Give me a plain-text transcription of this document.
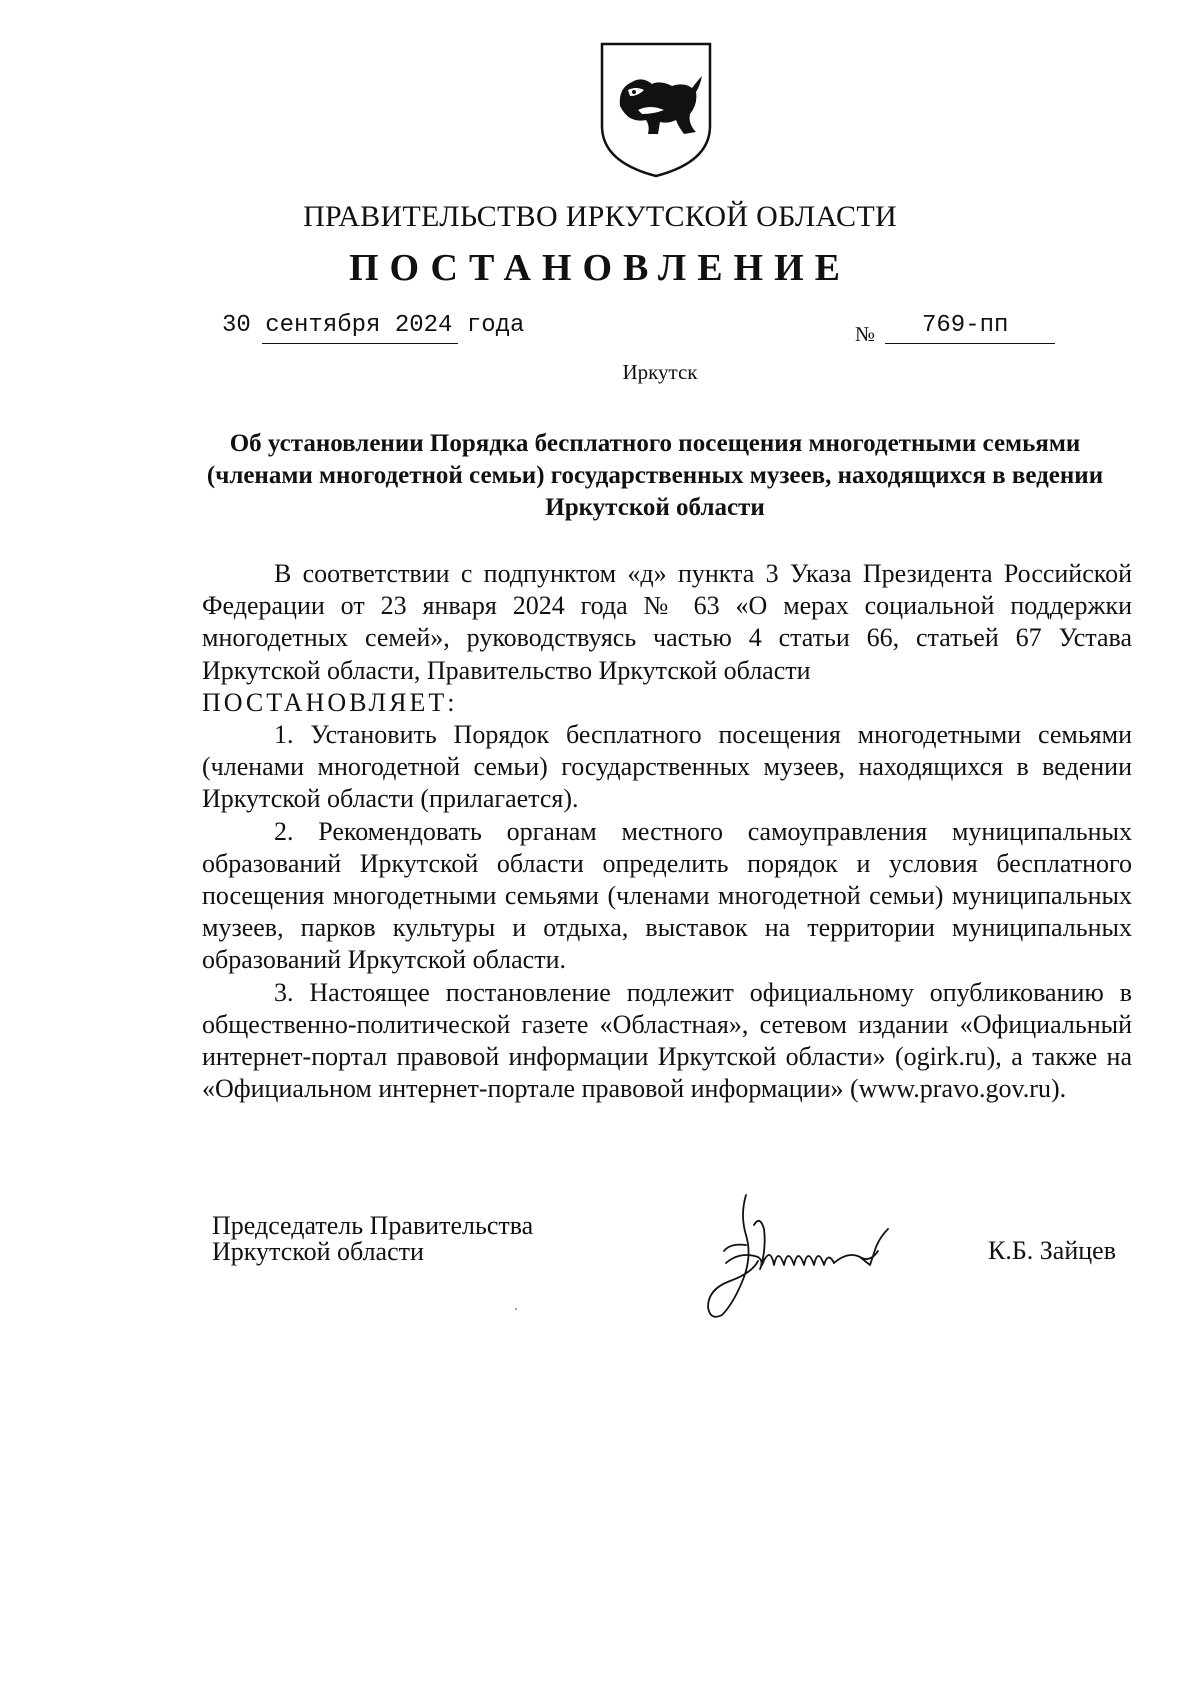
ПРАВИТЕЛЬСТВО ИРКУТСКОЙ ОБЛАСТИ
ПОСТАНОВЛЕНИЕ
30 сентября 2024 года	№ 769-пп
Иркутск
Об установлении Порядка бесплатного посещения многодетными семьями (членами многодетной семьи) государственных музеев, находящихся в ведении Иркутской области

В соответствии с подпунктом «д» пункта 3 Указа Президента Российской Федерации от 23 января 2024 года № 63 «О мерах социальной поддержки многодетных семей», руководствуясь частью 4 статьи 66, статьей 67 Устава Иркутской области, Правительство Иркутской области

ПОСТАНОВЛЯЕТ:

1. Установить Порядок бесплатного посещения многодетными семьями (членами многодетной семьи) государственных музеев, находящихся в ведении Иркутской области (прилагается).

2. Рекомендовать органам местного самоуправления муниципальных образований Иркутской области определить порядок и условия бесплатного посещения многодетными семьями (членами многодетной семьи) муниципальных музеев, парков культуры и отдыха, выставок на территории муниципальных образований Иркутской области.

3. Настоящее постановление подлежит официальному опубликованию в общественно-политической газете «Областная», сетевом издании «Официальный интернет-портал правовой информации Иркутской области» (ogirk.ru), а также на «Официальном интернет-портале правовой информации» (www.pravo.gov.ru).

Председатель Правительства
Иркутской области	К.Б. Зайцев
